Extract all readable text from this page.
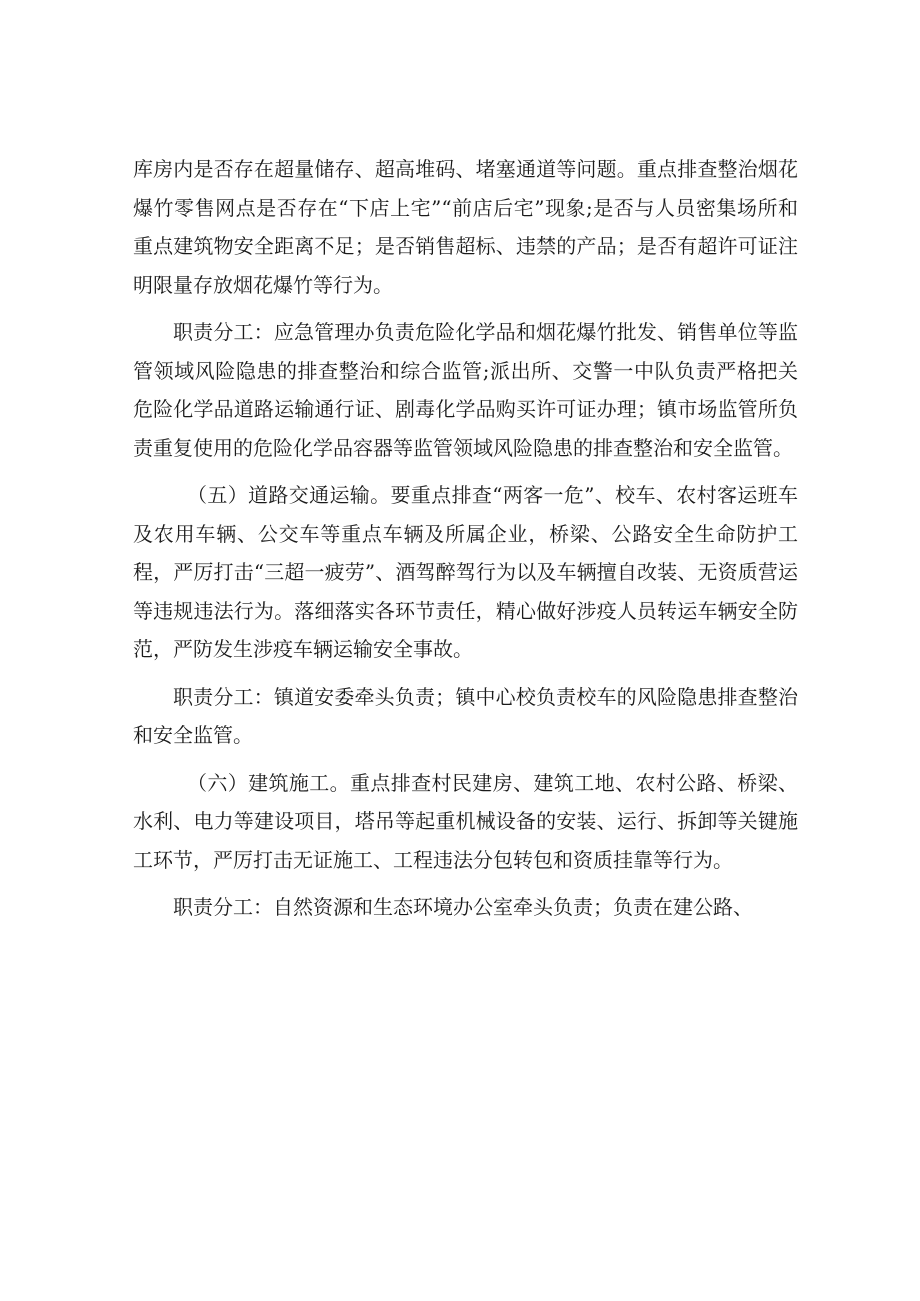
库房内是否存在超量储存、超高堆码、堵塞通道等问题。重点排查整治烟花爆竹零售网点是否存在“下店上宅”“前店后宅”现象;是否与人员密集场所和重点建筑物安全距离不足；是否销售超标、违禁的产品；是否有超许可证注明限量存放烟花爆竹等行为。

职责分工：应急管理办负责危险化学品和烟花爆竹批发、销售单位等监管领域风险隐患的排查整治和综合监管;派出所、交警一中队负责严格把关危险化学品道路运输通行证、剧毒化学品购买许可证办理；镇市场监管所负责重复使用的危险化学品容器等监管领域风险隐患的排查整治和安全监管。

（五）道路交通运输。要重点排查“两客一危”、校车、农村客运班车及农用车辆、公交车等重点车辆及所属企业，桥梁、公路安全生命防护工程，严厉打击“三超一疲劳”、酒驾醉驾行为以及车辆擅自改装、无资质营运等违规违法行为。落细落实各环节责任，精心做好涉疫人员转运车辆安全防范，严防发生涉疫车辆运输安全事故。

职责分工：镇道安委牵头负责；镇中心校负责校车的风险隐患排查整治和安全监管。

（六）建筑施工。重点排查村民建房、建筑工地、农村公路、桥梁、水利、电力等建设项目，塔吊等起重机械设备的安装、运行、拆卸等关键施工环节，严厉打击无证施工、工程违法分包转包和资质挂靠等行为。

职责分工：自然资源和生态环境办公室牵头负责；负责在建公路、
